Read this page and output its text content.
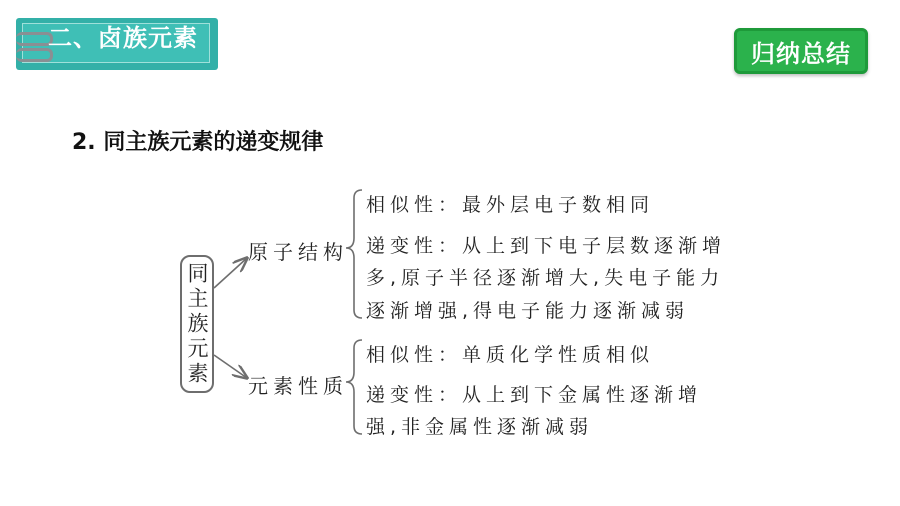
二、卤族元素
归纳总结
2. 同主族元素的递变规律
同主族元素
原子结构
元素性质
相似性：最外层电子数相同
递变性：从上到下电子层数逐渐增
多,原子半径逐渐增大,失电子能力
逐渐增强,得电子能力逐渐减弱
相似性：单质化学性质相似
递变性：从上到下金属性逐渐增
强,非金属性逐渐减弱
